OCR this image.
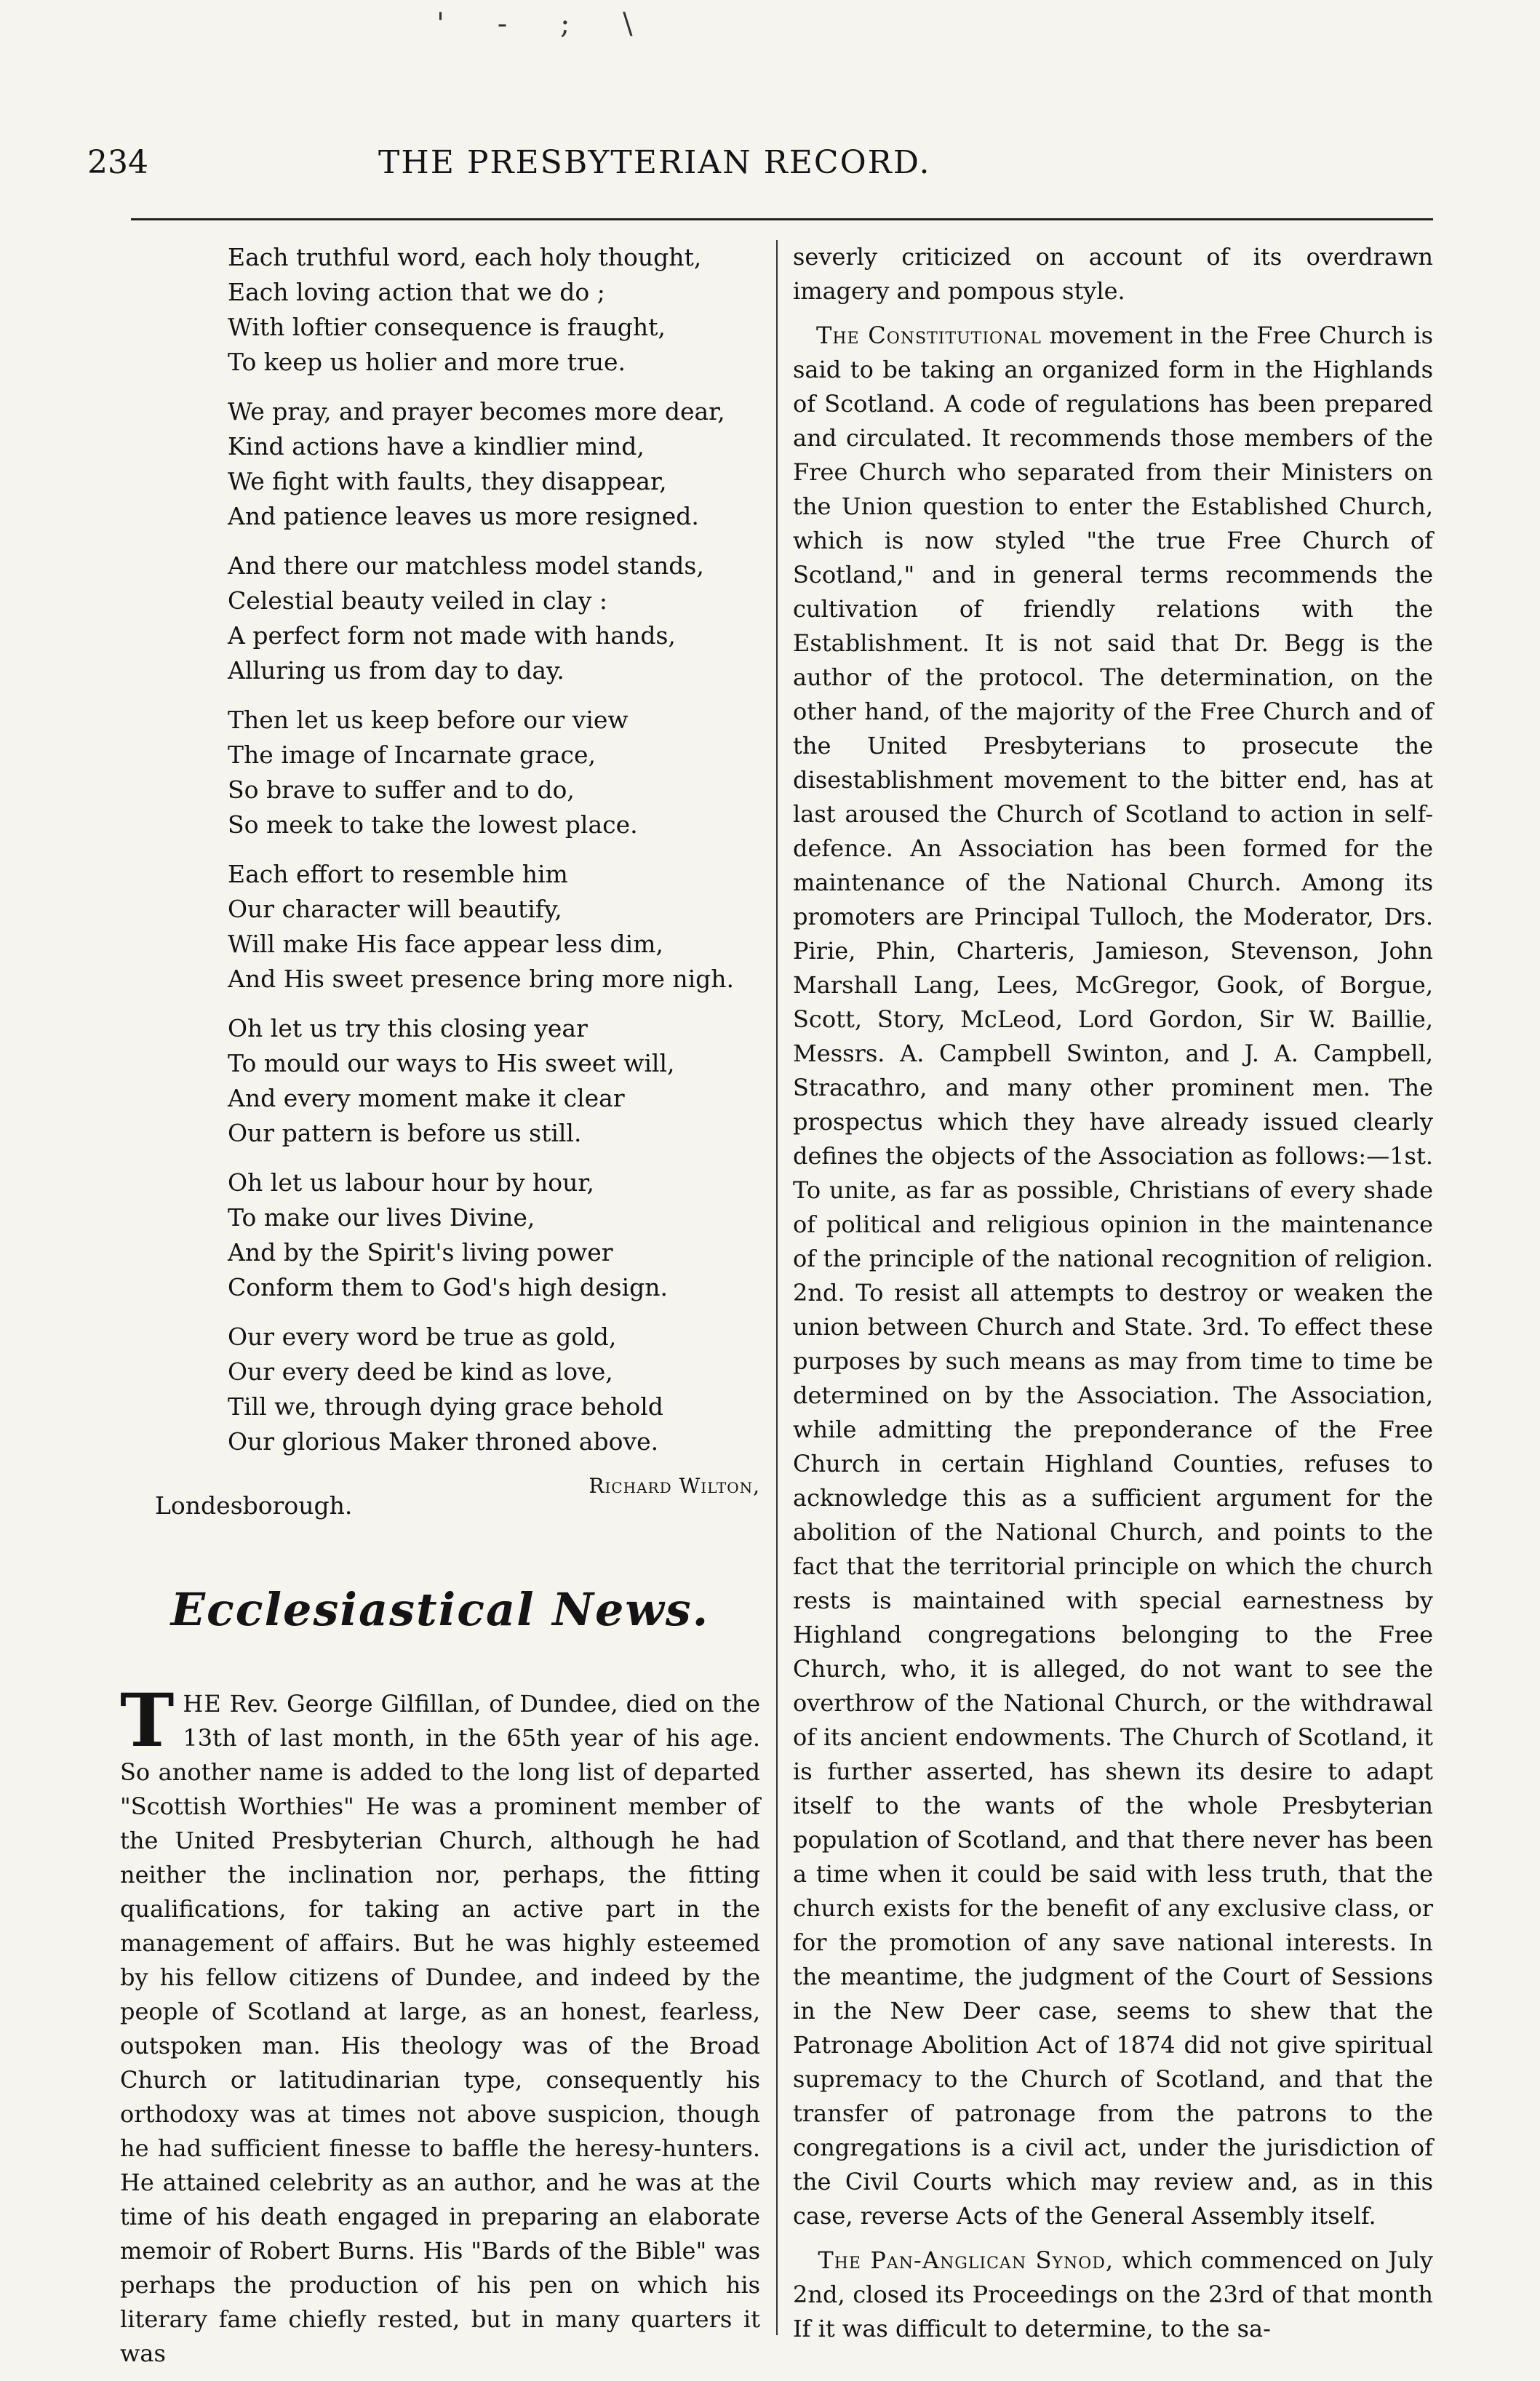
' - ; \
234	THE PRESBYTERIAN RECORD.
Each truthful word, each holy thought,
Each loving action that we do ;
With loftier consequence is fraught,
To keep us holier and more true.
We pray, and prayer becomes more dear,
Kind actions have a kindlier mind,
We fight with faults, they disappear,
And patience leaves us more resigned.
And there our matchless model stands,
Celestial beauty veiled in clay :
A perfect form not made with hands,
Alluring us from day to day.
Then let us keep before our view
The image of Incarnate grace,
So brave to suffer and to do,
So meek to take the lowest place.
Each effort to resemble him
Our character will beautify,
Will make His face appear less dim,
And His sweet presence bring more nigh.
Oh let us try this closing year
To mould our ways to His sweet will,
And every moment make it clear
Our pattern is before us still.
Oh let us labour hour by hour,
To make our lives Divine,
And by the Spirit's living power
Conform them to God's high design.
Our every word be true as gold,
Our every deed be kind as love,
Till we, through dying grace behold
Our glorious Maker throned above.
Richard Wilton,
Londesborough.
Ecclesiastical News.

THE Rev. George Gilfillan, of Dundee, died on the 13th of last month, in the 65th year of his age. So another name is added to the long list of departed "Scottish Worthies" He was a prominent member of the United Presbyterian Church, although he had neither the inclination nor, perhaps, the fitting qualifications, for taking an active part in the management of affairs. But he was highly esteemed by his fellow citizens of Dundee, and indeed by the people of Scotland at large, as an honest, fearless, outspoken man. His theology was of the Broad Church or latitudinarian type, consequently his orthodoxy was at times not above suspicion, though he had sufficient finesse to baffle the heresy-hunters. He attained celebrity as an author, and he was at the time of his death engaged in preparing an elaborate memoir of Robert Burns. His "Bards of the Bible" was perhaps the production of his pen on which his literary fame chiefly rested, but in many quarters it was

severly criticized on account of its overdrawn imagery and pompous style.

The Constitutional movement in the Free Church is said to be taking an organized form in the Highlands of Scotland. A code of regulations has been prepared and circulated. It recommends those members of the Free Church who separated from their Ministers on the Union question to enter the Established Church, which is now styled "the true Free Church of Scotland," and in general terms recommends the cultivation of friendly relations with the Establishment. It is not said that Dr. Begg is the author of the protocol. The determination, on the other hand, of the majority of the Free Church and of the United Presbyterians to prosecute the disestablishment movement to the bitter end, has at last aroused the Church of Scotland to action in self-defence. An Association has been formed for the maintenance of the National Church. Among its promoters are Principal Tulloch, the Moderator, Drs. Pirie, Phin, Charteris, Jamieson, Stevenson, John Marshall Lang, Lees, McGregor, Gook, of Borgue, Scott, Story, McLeod, Lord Gordon, Sir W. Baillie, Messrs. A. Campbell Swinton, and J. A. Campbell, Stracathro, and many other prominent men. The prospectus which they have already issued clearly defines the objects of the Association as follows:—1st. To unite, as far as possible, Christians of every shade of political and religious opinion in the maintenance of the principle of the national recognition of religion. 2nd. To resist all attempts to destroy or weaken the union between Church and State. 3rd. To effect these purposes by such means as may from time to time be determined on by the Association. The Association, while admitting the preponderance of the Free Church in certain Highland Counties, refuses to acknowledge this as a sufficient argument for the abolition of the National Church, and points to the fact that the territorial principle on which the church rests is maintained with special earnestness by Highland congregations belonging to the Free Church, who, it is alleged, do not want to see the overthrow of the National Church, or the withdrawal of its ancient endowments. The Church of Scotland, it is further asserted, has shewn its desire to adapt itself to the wants of the whole Presbyterian population of Scotland, and that there never has been a time when it could be said with less truth, that the church exists for the benefit of any exclusive class, or for the promotion of any save national interests. In the meantime, the judgment of the Court of Sessions in the New Deer case, seems to shew that the Patronage Abolition Act of 1874 did not give spiritual supremacy to the Church of Scotland, and that the transfer of patronage from the patrons to the congregations is a civil act, under the jurisdiction of the Civil Courts which may review and, as in this case, reverse Acts of the General Assembly itself.

The Pan-Anglican Synod, which commenced on July 2nd, closed its Proceedings on the 23rd of that month If it was difficult to determine, to the sa-
